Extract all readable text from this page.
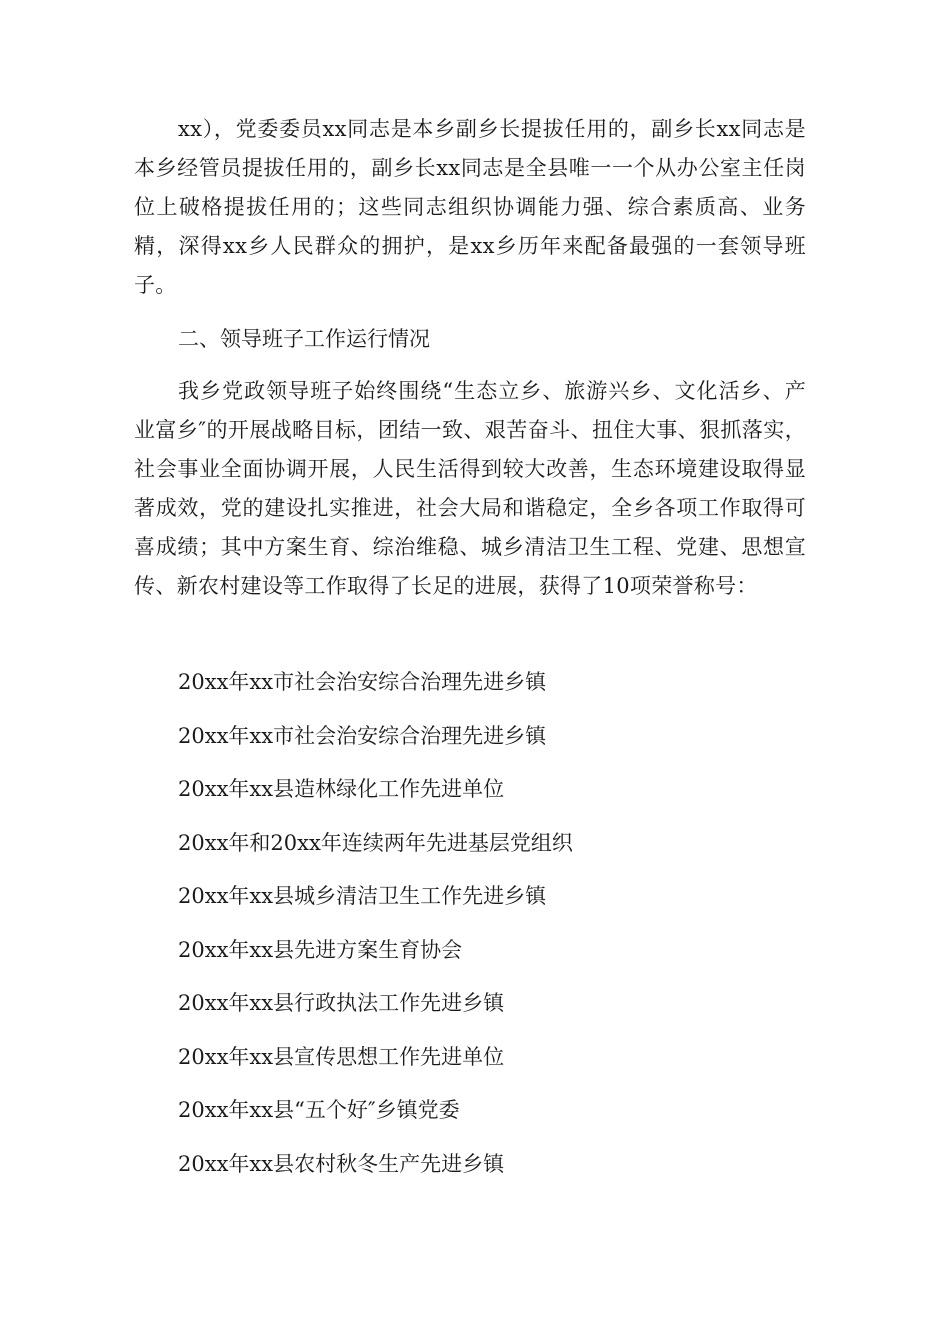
xx），党委委员xx同志是本乡副乡长提拔任用的，副乡长xx同志是本乡经管员提拔任用的，副乡长xx同志是全县唯一一个从办公室主任岗位上破格提拔任用的；这些同志组织协调能力强、综合素质高、业务精，深得xx乡人民群众的拥护，是xx乡历年来配备最强的一套领导班子。

二、领导班子工作运行情况

我乡党政领导班子始终围绕“生态立乡、旅游兴乡、文化活乡、产业富乡″的开展战略目标，团结一致、艰苦奋斗、扭住大事、狠抓落实，社会事业全面协调开展，人民生活得到较大改善，生态环境建设取得显著成效，党的建设扎实推进，社会大局和谐稳定，全乡各项工作取得可喜成绩；其中方案生育、综治维稳、城乡清洁卫生工程、党建、思想宣传、新农村建设等工作取得了长足的进展，获得了10项荣誉称号：

20xx年xx市社会治安综合治理先进乡镇

20xx年xx市社会治安综合治理先进乡镇

20xx年xx县造林绿化工作先进单位

20xx年和20xx年连续两年先进基层党组织

20xx年xx县城乡清洁卫生工作先进乡镇

20xx年xx县先进方案生育协会

20xx年xx县行政执法工作先进乡镇

20xx年xx县宣传思想工作先进单位

20xx年xx县“五个好″乡镇党委

20xx年xx县农村秋冬生产先进乡镇
